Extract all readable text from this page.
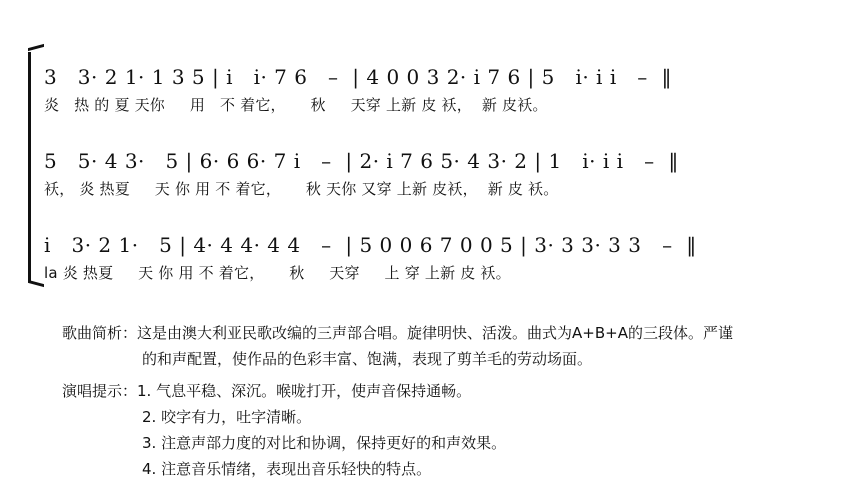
3   3· 2 1· 1 3 5 | i   i· 7 6   –  | 4 0 0 3 2· i 7 6 | 5   i· i i   –  ‖
炎   热 的 夏 天你     用   不 着它，     秋     天穿 上新 皮 袄，  新 皮袄。
5   5· 4 3·   5 | 6· 6 6· 7 i   –  | 2· i 7 6 5· 4 3· 2 | 1   i· i i   –  ‖
袄， 炎 热夏     天 你 用 不 着它，     秋 天你 又穿 上新 皮袄，  新 皮 袄。
i   3· 2 1·   5 | 4· 4 4· 4 4   –  | 5 0 0 6 7 0 0 5 | 3· 3 3· 3 3   –  ‖
la 炎 热夏     天 你 用 不 着它，     秋     天穿     上 穿 上新 皮 袄。
歌曲简析：这是由澳大利亚民歌改编的三声部合唱。旋律明快、活泼。曲式为A+B+A的三段体。严谨
的和声配置，使作品的色彩丰富、饱满，表现了剪羊毛的劳动场面。
演唱提示：1. 气息平稳、深沉。喉咙打开，使声音保持通畅。
2. 咬字有力，吐字清晰。
3. 注意声部力度的对比和协调，保持更好的和声效果。
4. 注意音乐情绪，表现出音乐轻快的特点。
